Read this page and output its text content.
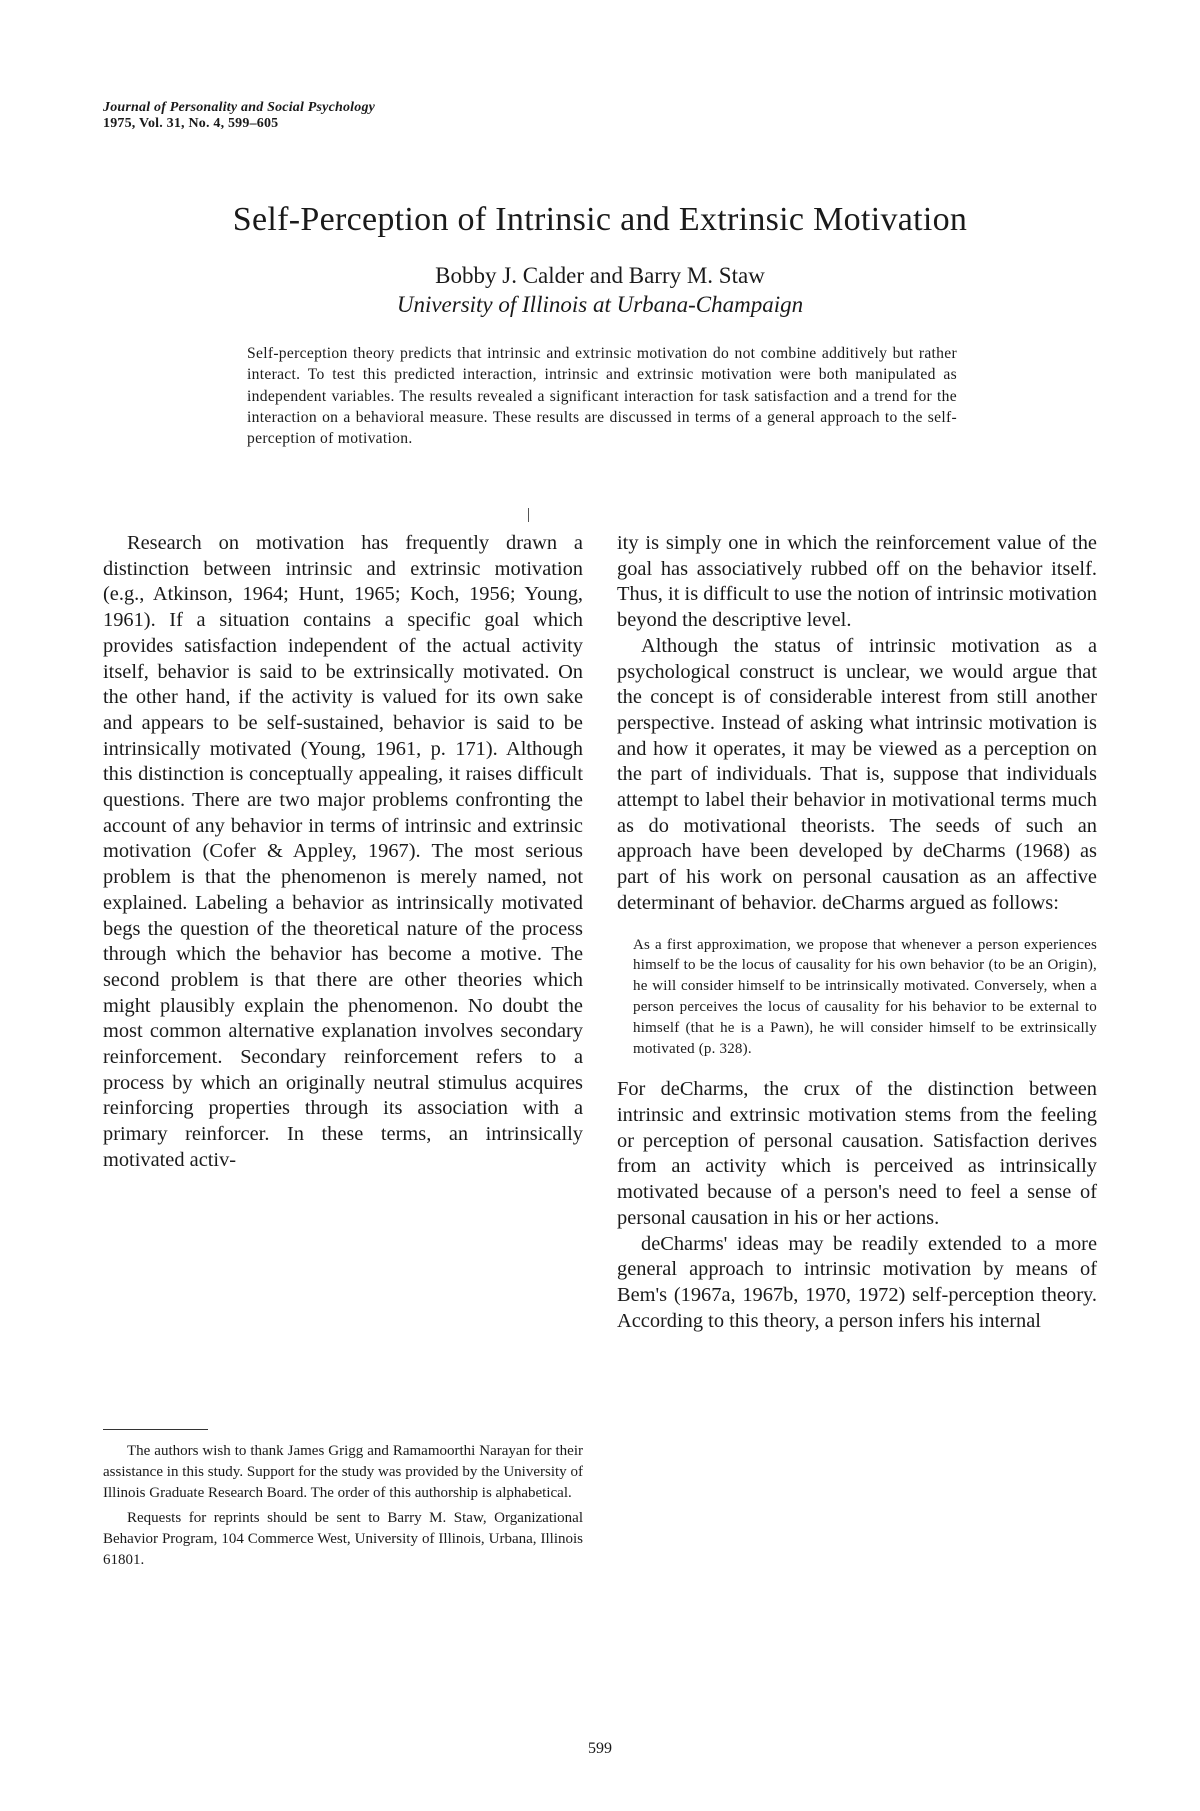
Journal of Personality and Social Psychology
1975, Vol. 31, No. 4, 599–605
Self-Perception of Intrinsic and Extrinsic Motivation
Bobby J. Calder and Barry M. Staw
University of Illinois at Urbana-Champaign
Self-perception theory predicts that intrinsic and extrinsic motivation do not combine additively but rather interact. To test this predicted interaction, intrinsic and extrinsic motivation were both manipulated as independent variables. The results revealed a significant interaction for task satisfaction and a trend for the interaction on a behavioral measure. These results are discussed in terms of a general approach to the self-perception of motivation.

Research on motivation has frequently drawn a distinction between intrinsic and extrinsic motivation (e.g., Atkinson, 1964; Hunt, 1965; Koch, 1956; Young, 1961). If a situation contains a specific goal which provides satisfaction independent of the actual activity itself, behavior is said to be extrinsically motivated. On the other hand, if the activity is valued for its own sake and appears to be self-sustained, behavior is said to be intrinsically motivated (Young, 1961, p. 171). Although this distinction is conceptually appealing, it raises difficult questions. There are two major problems confronting the account of any behavior in terms of intrinsic and extrinsic motivation (Cofer & Appley, 1967). The most serious problem is that the phenomenon is merely named, not explained. Labeling a behavior as intrinsically motivated begs the question of the theoretical nature of the process through which the behavior has become a motive. The second problem is that there are other theories which might plausibly explain the phenomenon. No doubt the most common alternative explanation involves secondary reinforcement. Secondary reinforcement refers to a process by which an originally neutral stimulus acquires reinforcing properties through its association with a primary reinforcer. In these terms, an intrinsically motivated activ-

ity is simply one in which the reinforcement value of the goal has associatively rubbed off on the behavior itself. Thus, it is difficult to use the notion of intrinsic motivation beyond the descriptive level.

Although the status of intrinsic motivation as a psychological construct is unclear, we would argue that the concept is of considerable interest from still another perspective. Instead of asking what intrinsic motivation is and how it operates, it may be viewed as a perception on the part of individuals. That is, suppose that individuals attempt to label their behavior in motivational terms much as do motivational theorists. The seeds of such an approach have been developed by deCharms (1968) as part of his work on personal causation as an affective determinant of behavior. deCharms argued as follows:

As a first approximation, we propose that whenever a person experiences himself to be the locus of causality for his own behavior (to be an Origin), he will consider himself to be intrinsically motivated. Conversely, when a person perceives the locus of causality for his behavior to be external to himself (that he is a Pawn), he will consider himself to be extrinsically motivated (p. 328).

For deCharms, the crux of the distinction between intrinsic and extrinsic motivation stems from the feeling or perception of personal causation. Satisfaction derives from an activity which is perceived as intrinsically motivated because of a person's need to feel a sense of personal causation in his or her actions.

deCharms' ideas may be readily extended to a more general approach to intrinsic motivation by means of Bem's (1967a, 1967b, 1970, 1972) self-perception theory. According to this theory, a person infers his internal

The authors wish to thank James Grigg and Ramamoorthi Narayan for their assistance in this study. Support for the study was provided by the University of Illinois Graduate Research Board. The order of this authorship is alphabetical.

Requests for reprints should be sent to Barry M. Staw, Organizational Behavior Program, 104 Commerce West, University of Illinois, Urbana, Illinois 61801.

599
